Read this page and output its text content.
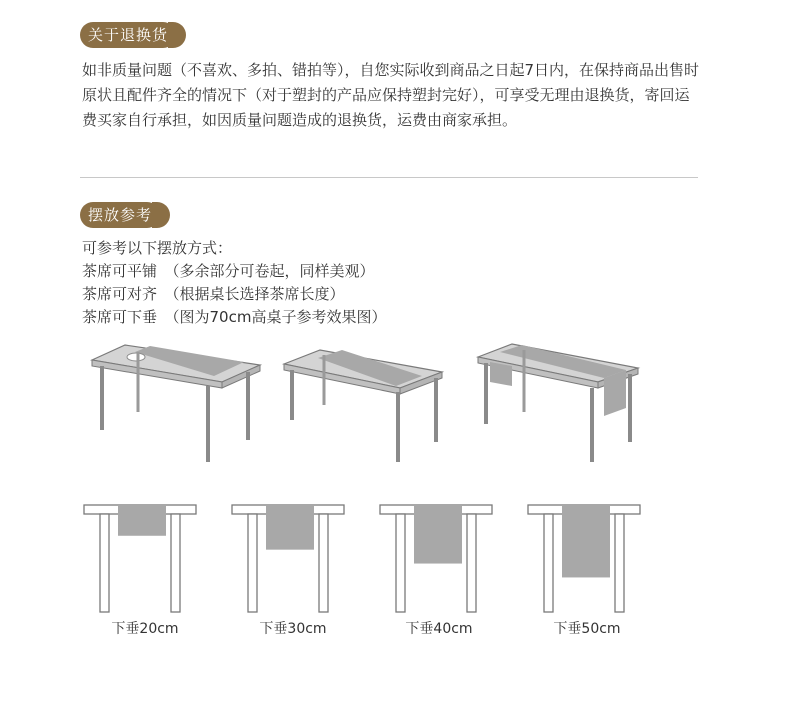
关于退换货
如非质量问题（不喜欢、多拍、错拍等），自您实际收到商品之日起7日内，在保持商品出售时原状且配件齐全的情况下（对于塑封的产品应保持塑封完好），可享受无理由退换货，寄回运费买家自行承担，如因质量问题造成的退换货，运费由商家承担。
摆放参考
可参考以下摆放方式：
茶席可平铺　（多余部分可卷起，同样美观）
茶席可对齐　（根据桌长选择茶席长度）
茶席可下垂　（图为70cm高桌子参考效果图）
下垂20cm	下垂30cm	下垂40cm	下垂50cm
